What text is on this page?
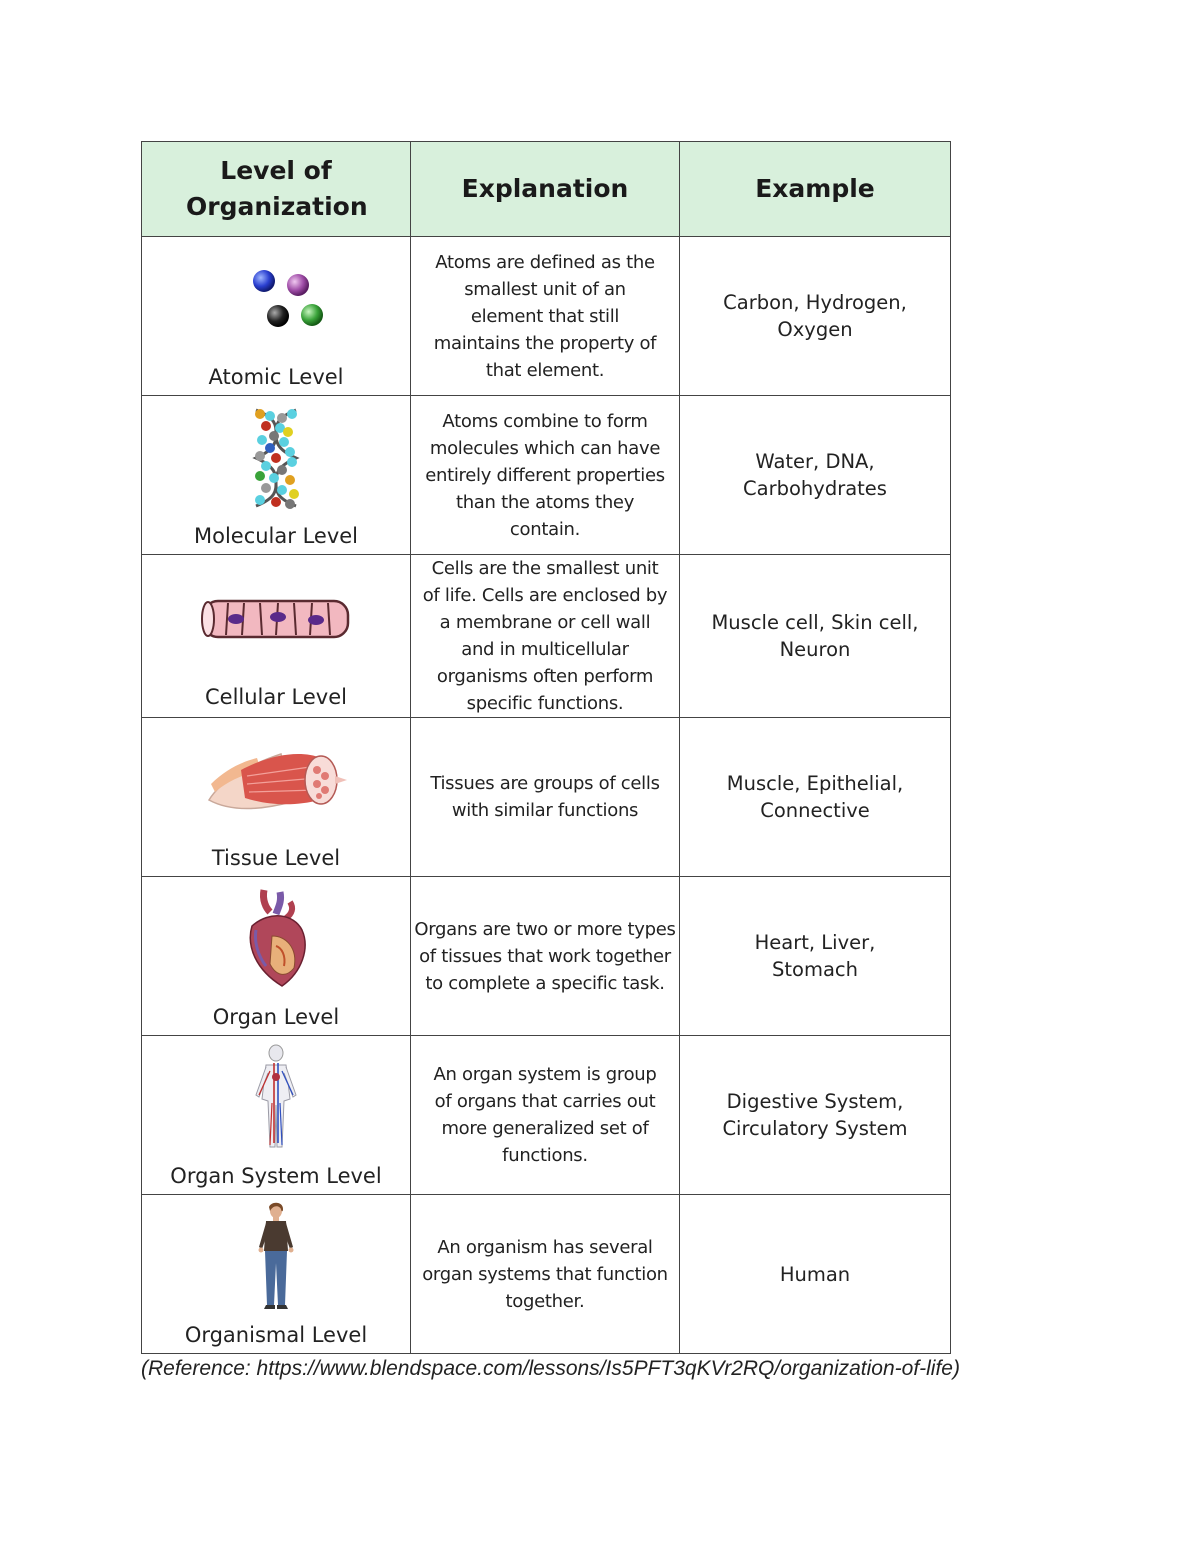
Level of Organization	Explanation	Example

Atomic Level	Atoms are defined as the smallest unit of an element that still maintains the property of that element.	Carbon, Hydrogen, Oxygen

Molecular Level	Atoms combine to form molecules which can have entirely different properties than the atoms they contain.	Water, DNA, Carbohydrates

Cellular Level	Cells are the smallest unit of life. Cells are enclosed by a membrane or cell wall and in multicellular organisms often perform specific functions.	Muscle cell, Skin cell, Neuron

Tissue Level	Tissues are groups of cells with similar functions	Muscle, Epithelial, Connective

Organ Level	Organs are two or more types of tissues that work together to complete a specific task.	Heart, Liver, Stomach

Organ System Level	An organ system is group of organs that carries out more generalized set of functions.	Digestive System, Circulatory System

Organismal Level	An organism has several organ systems that function together.	Human
(Reference: https://www.blendspace.com/lessons/Is5PFT3qKVr2RQ/organization-of-life)
